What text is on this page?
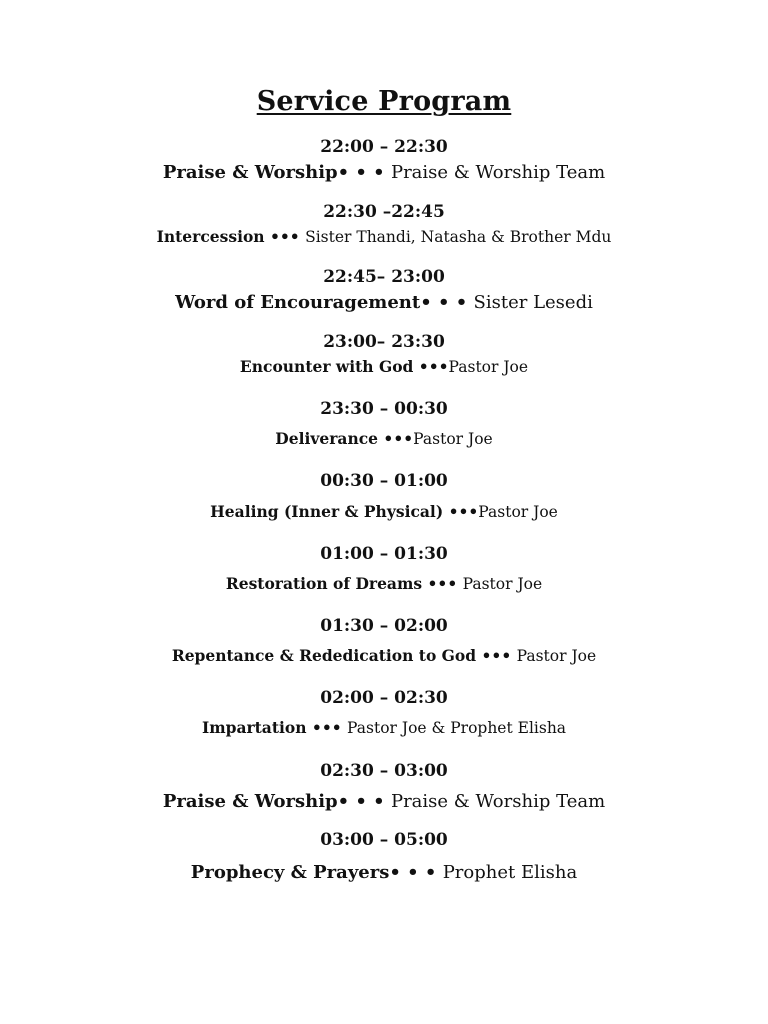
Service Program
22:00 – 22:30
Praise & Worship• • • Praise & Worship Team
22:30 –22:45
Intercession ••• Sister Thandi, Natasha & Brother Mdu
22:45– 23:00
Word of Encouragement• • • Sister Lesedi
23:00– 23:30
Encounter with God •••Pastor Joe
23:30 – 00:30
Deliverance •••Pastor Joe
00:30 – 01:00
Healing (Inner & Physical) •••Pastor Joe
01:00 – 01:30
Restoration of Dreams ••• Pastor Joe
01:30 – 02:00
Repentance & Rededication to God ••• Pastor Joe
02:00 – 02:30
Impartation ••• Pastor Joe & Prophet Elisha
02:30 – 03:00
Praise & Worship• • • Praise & Worship Team
03:00 – 05:00
Prophecy & Prayers• • • Prophet Elisha
